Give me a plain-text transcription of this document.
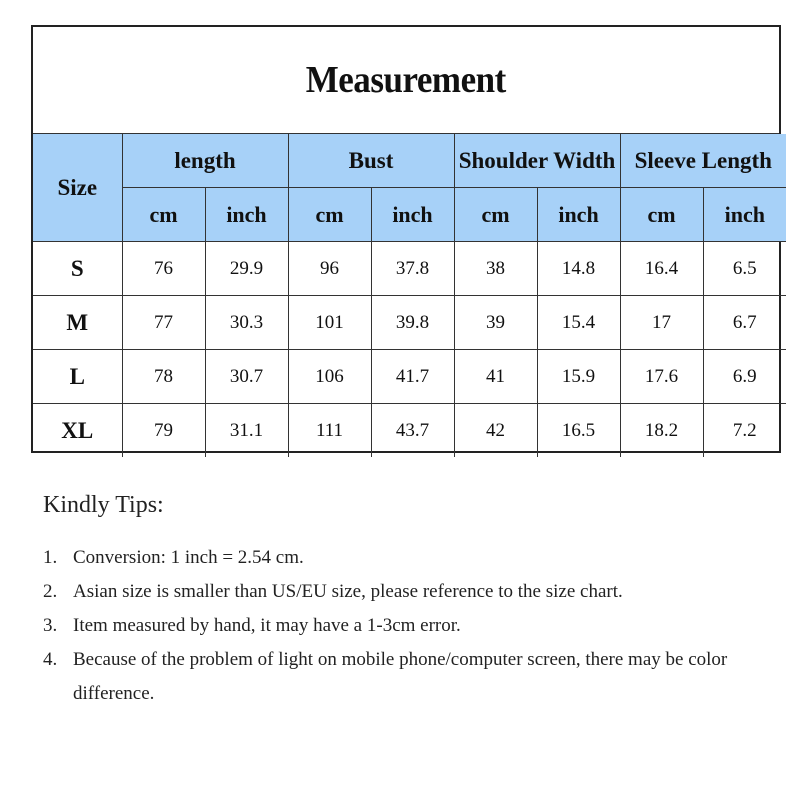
Measurement
Size	length		Bust		Shoulder Width		Sleeve Length	
	cm	inch	cm	inch	cm	inch	cm	inch
S	76	29.9	96	37.8	38	14.8	16.4	6.5
M	77	30.3	101	39.8	39	15.4	17	6.7
L	78	30.7	106	41.7	41	15.9	17.6	6.9
XL	79	31.1	111	43.7	42	16.5	18.2	7.2

Kindly Tips:

1. Conversion: 1 inch = 2.54 cm.
2. Asian size is smaller than US/EU size, please reference to the size chart.
3. Item measured by hand, it may have a 1-3cm error.
4. Because of the problem of light on mobile phone/computer screen, there may be color difference.
